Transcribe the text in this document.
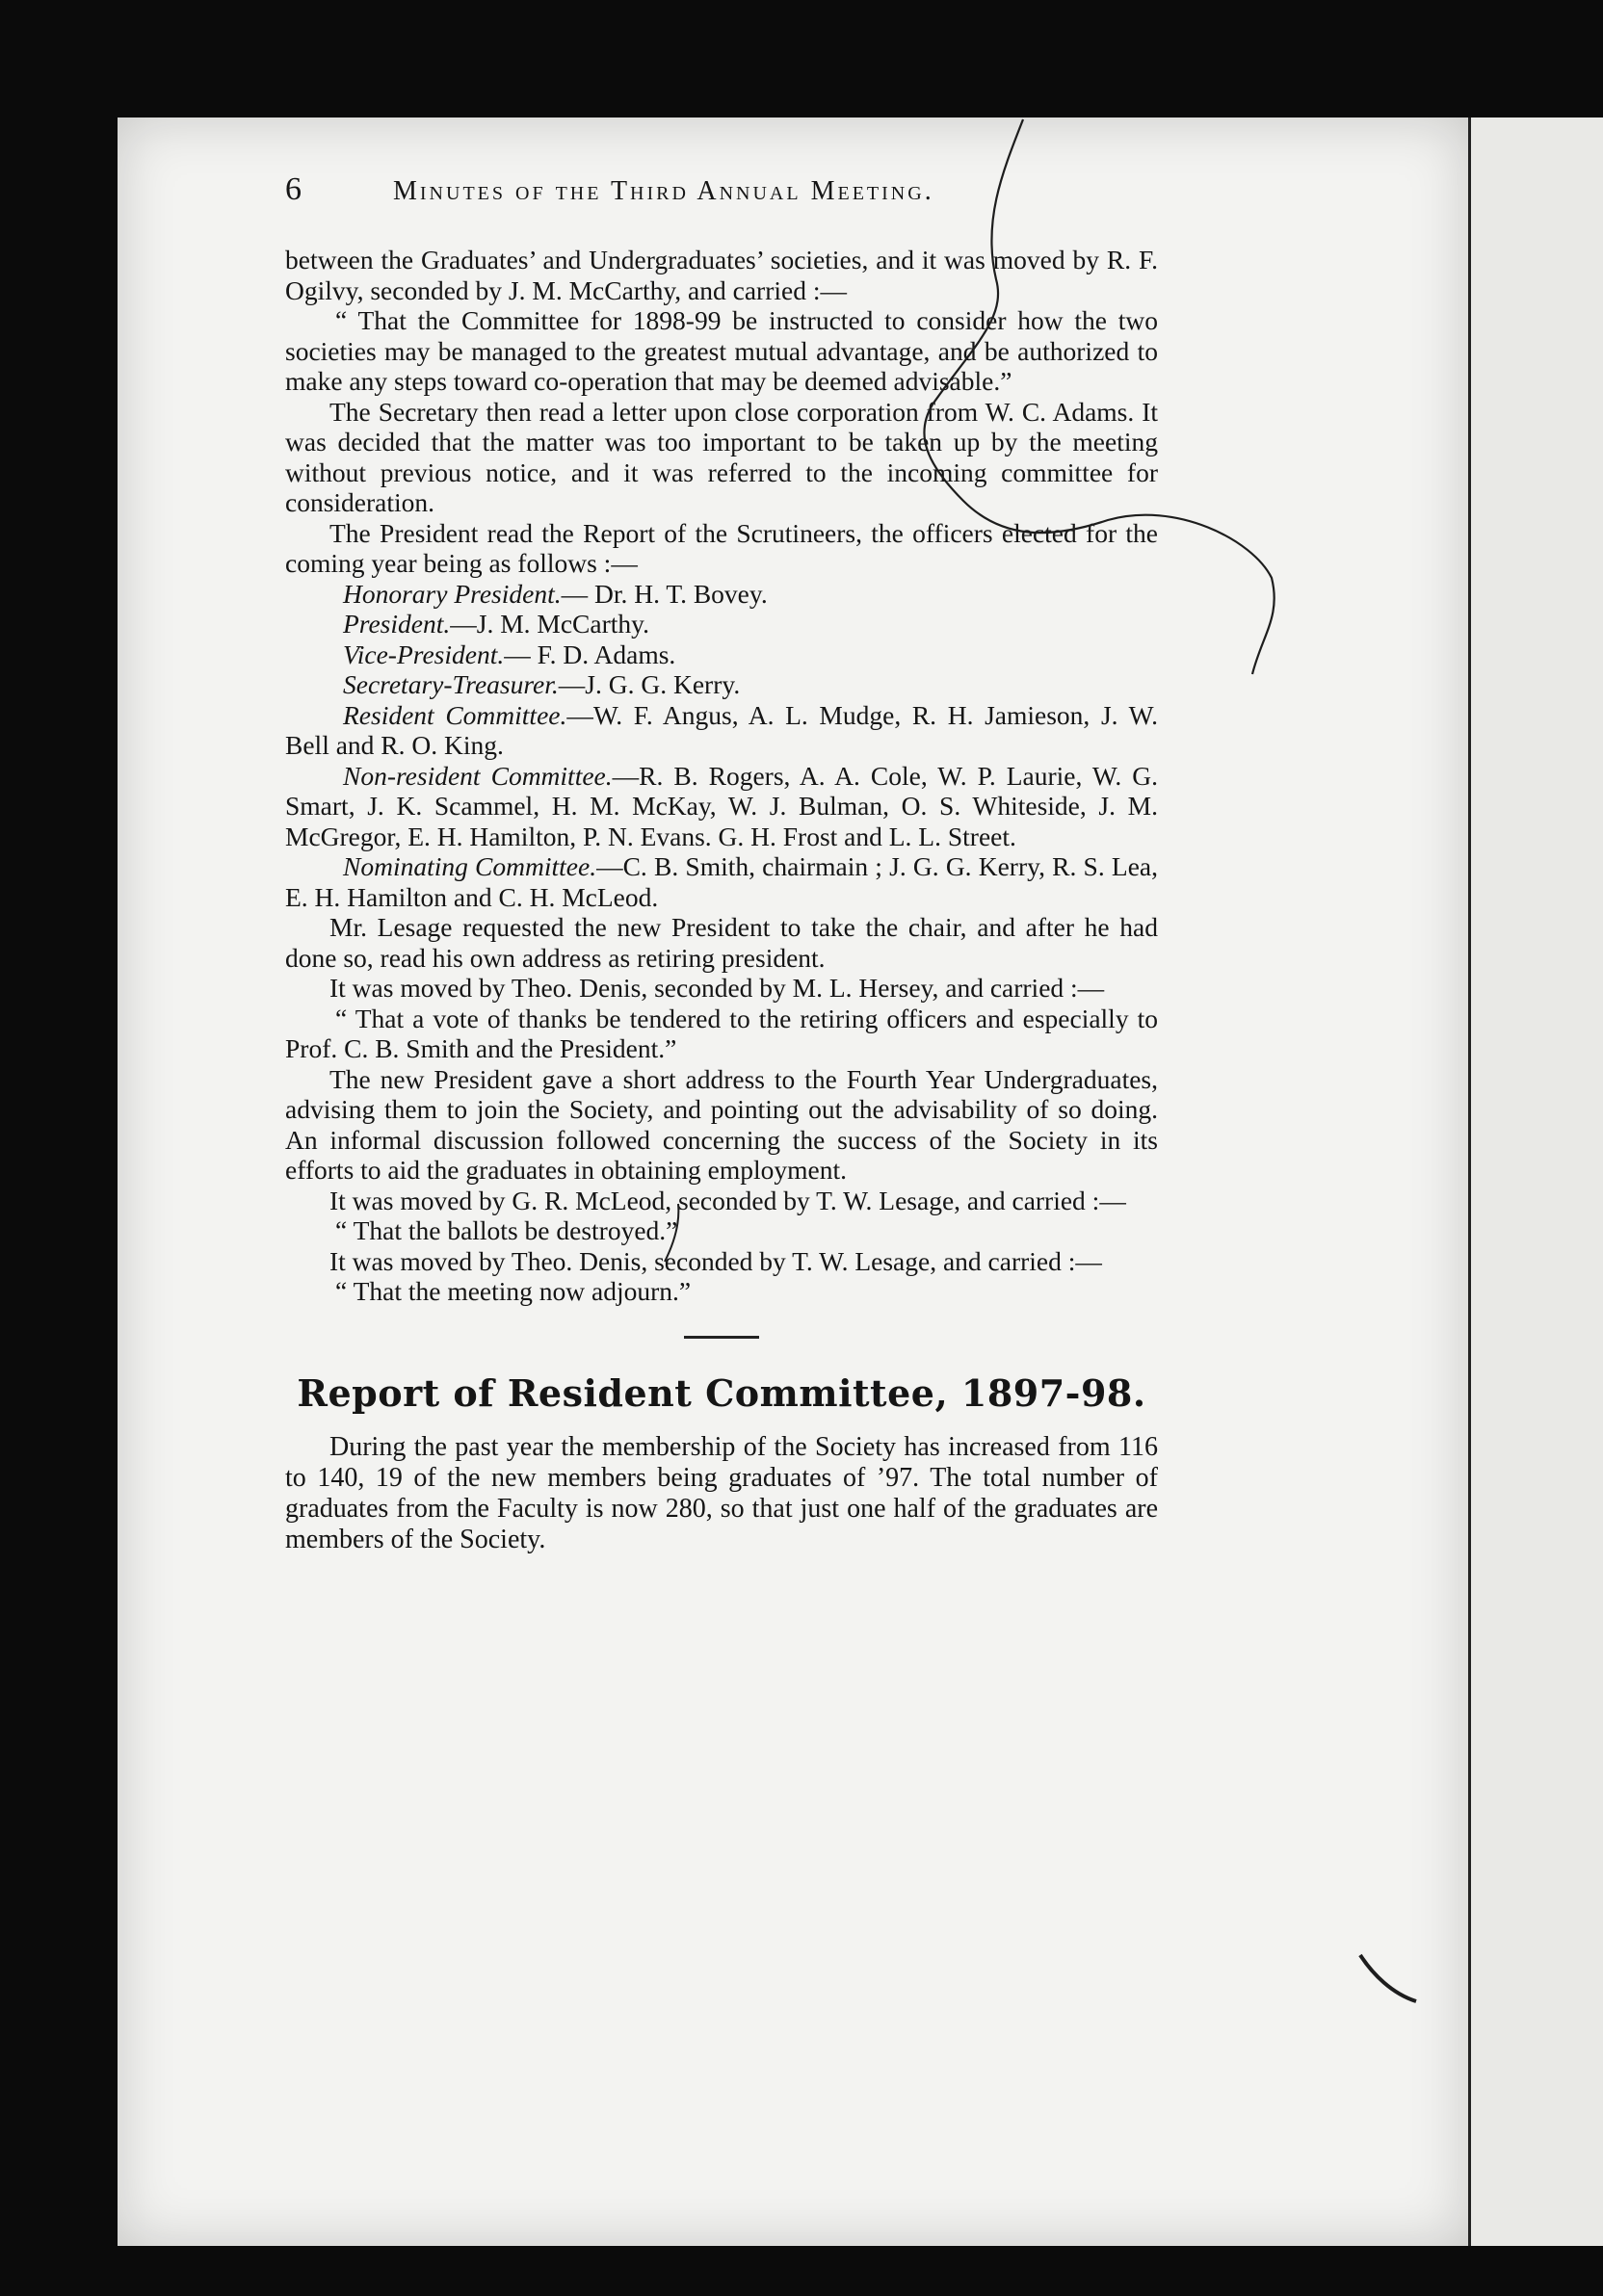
6	Minutes of the Third Annual Meeting.

between the Graduates’ and Undergraduates’ societies, and it was moved by R. F. Ogilvy, seconded by J. M. McCarthy, and carried :—

“ That the Committee for 1898-99 be instructed to consider how the two societies may be managed to the greatest mutual advantage, and be authorized to make any steps toward co-operation that may be deemed advisable.”

The Secretary then read a letter upon close corporation from W. C. Adams. It was decided that the matter was too important to be taken up by the meeting without previous notice, and it was referred to the incoming committee for consideration.

The President read the Report of the Scrutineers, the officers elected for the coming year being as follows :—

Honorary President.— Dr. H. T. Bovey.

President.—J. M. McCarthy.

Vice-President.— F. D. Adams.

Secretary-Treasurer.—J. G. G. Kerry.

Resident Committee.—W. F. Angus, A. L. Mudge, R. H. Jamieson, J. W. Bell and R. O. King.

Non-resident Committee.—R. B. Rogers, A. A. Cole, W. P. Laurie, W. G. Smart, J. K. Scammel, H. M. McKay, W. J. Bulman, O. S. Whiteside, J. M. McGregor, E. H. Hamilton, P. N. Evans. G. H. Frost and L. L. Street.

Nominating Committee.—C. B. Smith, chairmain ; J. G. G. Kerry, R. S. Lea, E. H. Hamilton and C. H. McLeod.

Mr. Lesage requested the new President to take the chair, and after he had done so, read his own address as retiring president.

It was moved by Theo. Denis, seconded by M. L. Hersey, and carried :—

“ That a vote of thanks be tendered to the retiring officers and especially to Prof. C. B. Smith and the President.”

The new President gave a short address to the Fourth Year Undergraduates, advising them to join the Society, and pointing out the advisability of so doing. An informal discussion followed concerning the success of the Society in its efforts to aid the graduates in obtaining employment.

It was moved by G. R. McLeod, seconded by T. W. Lesage, and carried :—

“ That the ballots be destroyed.”

It was moved by Theo. Denis, seconded by T. W. Lesage, and carried :—

“ That the meeting now adjourn.”

Report of Resident Committee, 1897-98.

During the past year the membership of the Society has increased from 116 to 140, 19 of the new members being graduates of ’97. The total number of graduates from the Faculty is now 280, so that just one half of the graduates are members of the Society.
